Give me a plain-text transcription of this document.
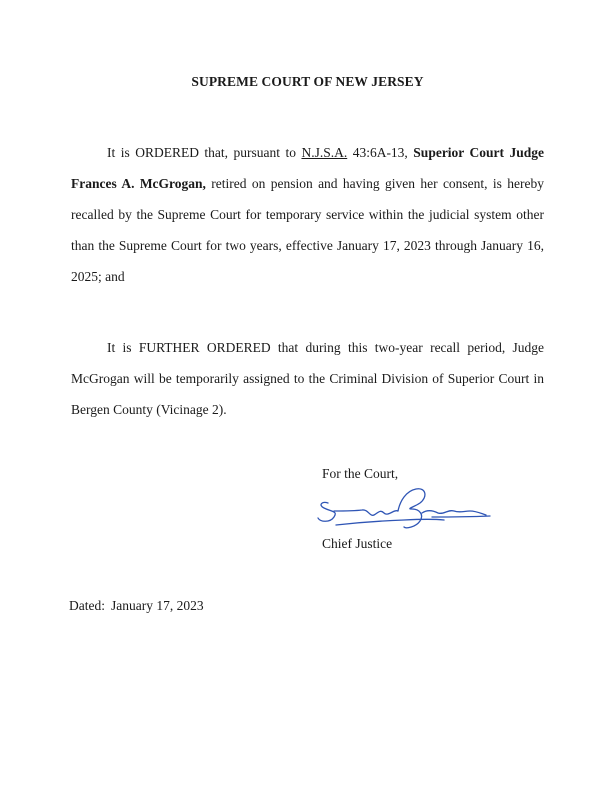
SUPREME COURT OF NEW JERSEY
It is ORDERED that, pursuant to N.J.S.A. 43:6A-13, Superior Court Judge Frances A. McGrogan, retired on pension and having given her consent, is hereby recalled by the Supreme Court for temporary service within the judicial system other than the Supreme Court for two years, effective January 17, 2023 through January 16, 2025; and
It is FURTHER ORDERED that during this two-year recall period, Judge McGrogan will be temporarily assigned to the Criminal Division of Superior Court in Bergen County (Vicinage 2).
For the Court,
Chief Justice
Dated: January 17, 2023
